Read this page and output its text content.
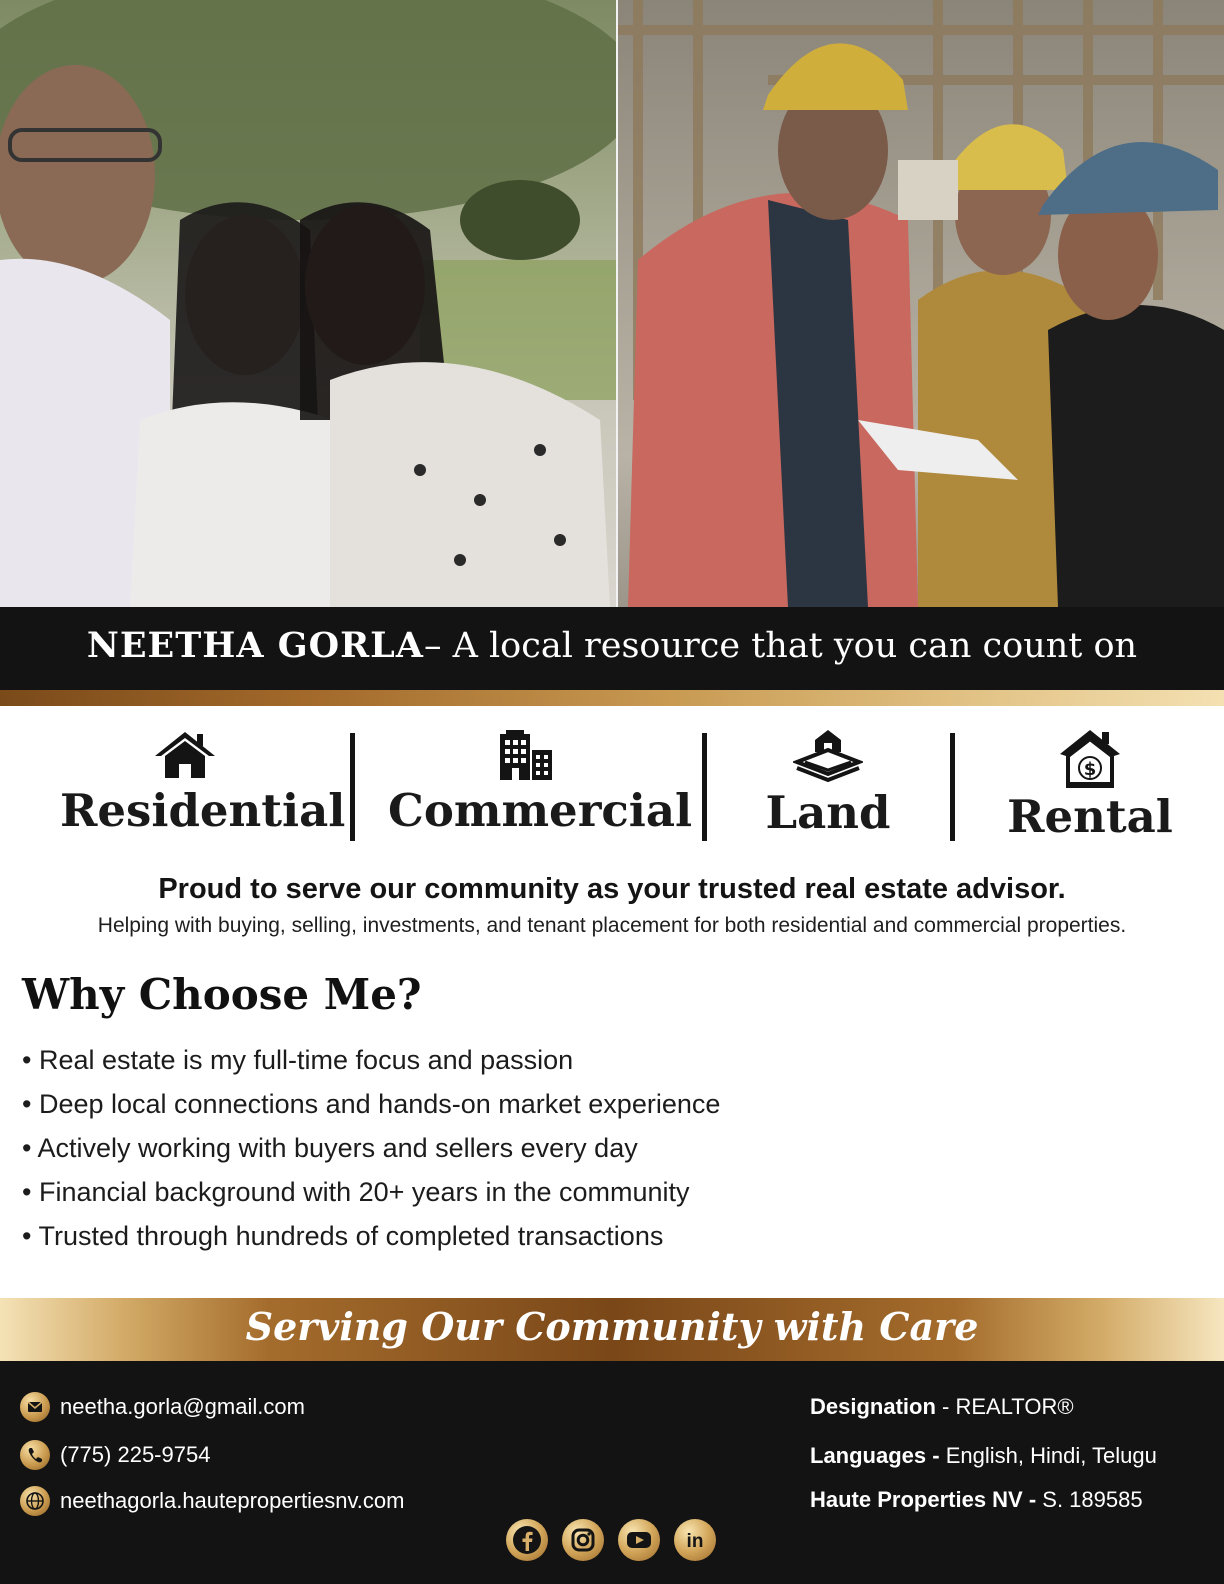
NEETHA GORLA– A local resource that you can count on
Residential Commercial	Land
$
Rental
Proud to serve our community as your trusted real estate advisor.
Helping with buying, selling, investments, and tenant placement for both residential and commercial properties.
Why Choose Me?
• Real estate is my full-time focus and passion
• Deep local connections and hands-on market experience
• Actively working with buyers and sellers every day
• Financial background with 20+ years in the community
• Trusted through hundreds of completed transactions
Serving Our Community with Care
neetha.gorla@gmail.com
(775) 225-9754
neethagorla.hautepropertiesnv.com
Designation - REALTOR®
Languages - English, Hindi, Telugu
Haute Properties NV - S. 189585
in
